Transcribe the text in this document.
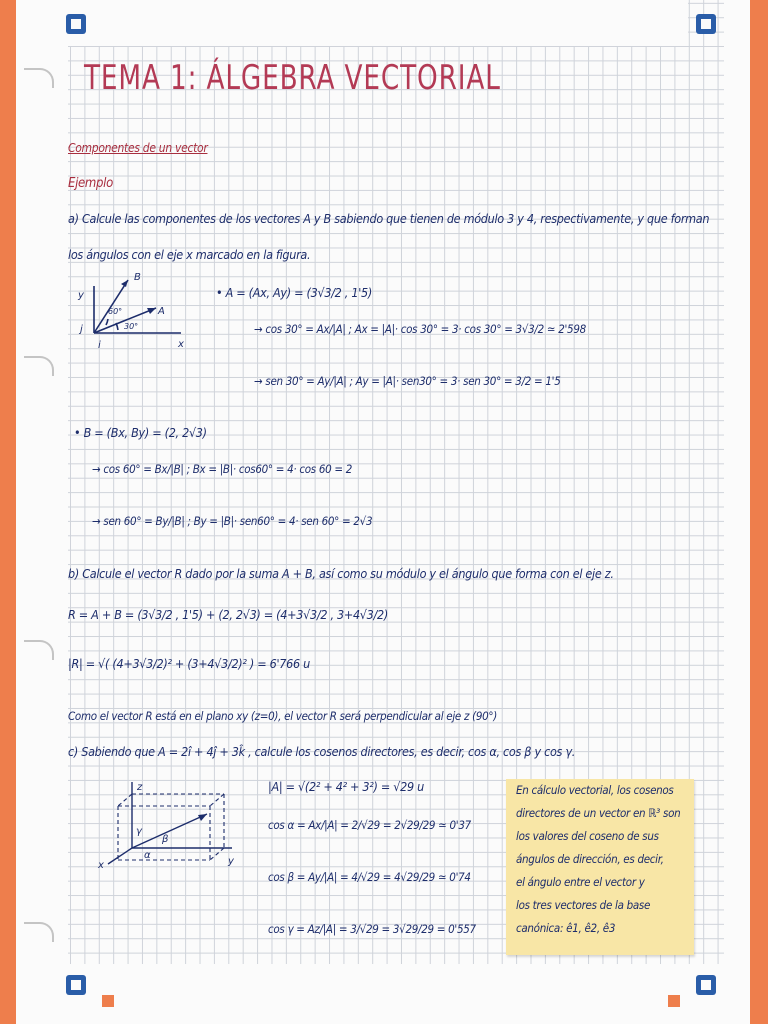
TEMA 1: ÁLGEBRA VECTORIAL
Componentes de un vector
Ejemplo
a) Calcule las componentes de los vectores A y B sabiendo que tienen de módulo 3 y 4, respectivamente, y que forman
los ángulos con el eje x marcado en la figura.
y
x
B
A
60°
30°
j
i
• A = (Ax, Ay) = (3√3/2 , 1'5)
→ cos 30° = Ax/|A| ; Ax = |A|· cos 30° = 3· cos 30° = 3√3/2 ≃ 2'598
→ sen 30° = Ay/|A| ; Ay = |A|· sen30° = 3· sen 30° = 3/2 = 1'5
• B = (Bx, By) = (2, 2√3)
→ cos 60° = Bx/|B| ; Bx = |B|· cos60° = 4· cos 60 = 2
→ sen 60° = By/|B| ; By = |B|· sen60° = 4· sen 60° = 2√3
b) Calcule el vector R dado por la suma A + B, así como su módulo y el ángulo que forma con el eje z.
R = A + B = (3√3/2 , 1'5) + (2, 2√3) = (4+3√3/2 , 3+4√3/2)
|R| = √( (4+3√3/2)² + (3+4√3/2)² ) = 6'766 u
Como el vector R está en el plano xy (z=0), el vector R será perpendicular al eje z (90°)
c) Sabiendo que A = 2î + 4ĵ + 3k̂ , calcule los cosenos directores, es decir, cos α, cos β y cos γ.
z
γ
β
α
x	y
|A| = √(2² + 4² + 3²) = √29 u
cos α = Ax/|A| = 2/√29 = 2√29/29 ≃ 0'37
cos β = Ay/|A| = 4/√29 = 4√29/29 ≃ 0'74
cos γ = Az/|A| = 3/√29 = 3√29/29 = 0'557
En cálculo vectorial, los cosenos
directores de un vector en ℝ³ son
los valores del coseno de sus
ángulos de dirección, es decir,
el ángulo entre el vector y
los tres vectores de la base
canónica: ê1, ê2, ê3
